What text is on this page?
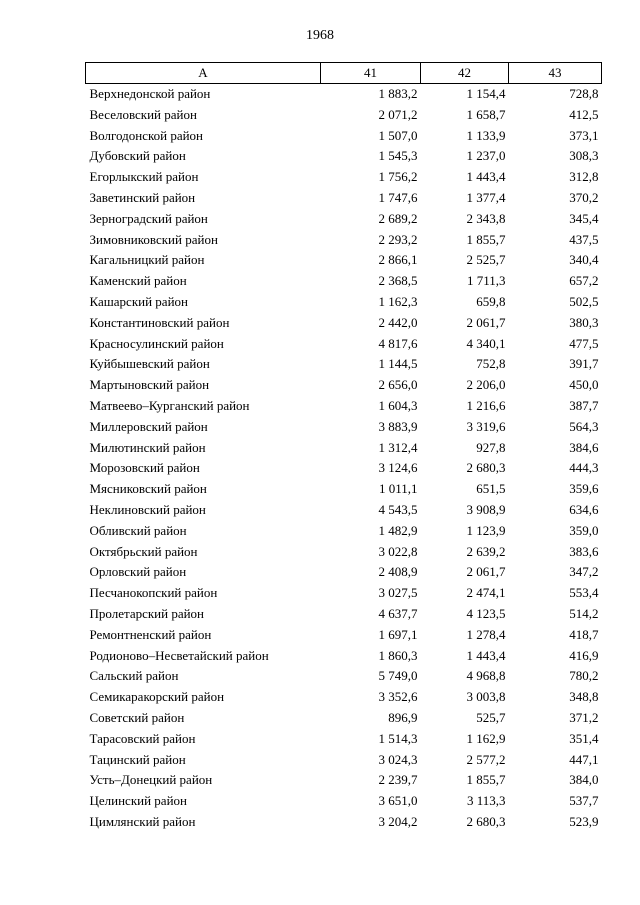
1968
А	41	42	43
Верхнедонской район	1 883,2	1 154,4	728,8
Веселовский район	2 071,2	1 658,7	412,5
Волгодонской район	1 507,0	1 133,9	373,1
Дубовский район	1 545,3	1 237,0	308,3
Егорлыкский район	1 756,2	1 443,4	312,8
Заветинский район	1 747,6	1 377,4	370,2
Зерноградский район	2 689,2	2 343,8	345,4
Зимовниковский район	2 293,2	1 855,7	437,5
Кагальницкий район	2 866,1	2 525,7	340,4
Каменский район	2 368,5	1 711,3	657,2
Кашарский район	1 162,3	659,8	502,5
Константиновский район	2 442,0	2 061,7	380,3
Красносулинский район	4 817,6	4 340,1	477,5
Куйбышевский район	1 144,5	752,8	391,7
Мартыновский район	2 656,0	2 206,0	450,0
Матвеево–Курганский район	1 604,3	1 216,6	387,7
Миллеровский район	3 883,9	3 319,6	564,3
Милютинский район	1 312,4	927,8	384,6
Морозовский район	3 124,6	2 680,3	444,3
Мясниковский район	1 011,1	651,5	359,6
Неклиновский район	4 543,5	3 908,9	634,6
Обливский район	1 482,9	1 123,9	359,0
Октябрьский район	3 022,8	2 639,2	383,6
Орловский район	2 408,9	2 061,7	347,2
Песчанокопский район	3 027,5	2 474,1	553,4
Пролетарский район	4 637,7	4 123,5	514,2
Ремонтненский район	1 697,1	1 278,4	418,7
Родионово–Несветайский район	1 860,3	1 443,4	416,9
Сальский район	5 749,0	4 968,8	780,2
Семикаракорский район	3 352,6	3 003,8	348,8
Советский район	896,9	525,7	371,2
Тарасовский район	1 514,3	1 162,9	351,4
Тацинский район	3 024,3	2 577,2	447,1
Усть–Донецкий район	2 239,7	1 855,7	384,0
Целинский район	3 651,0	3 113,3	537,7
Цимлянский район	3 204,2	2 680,3	523,9
